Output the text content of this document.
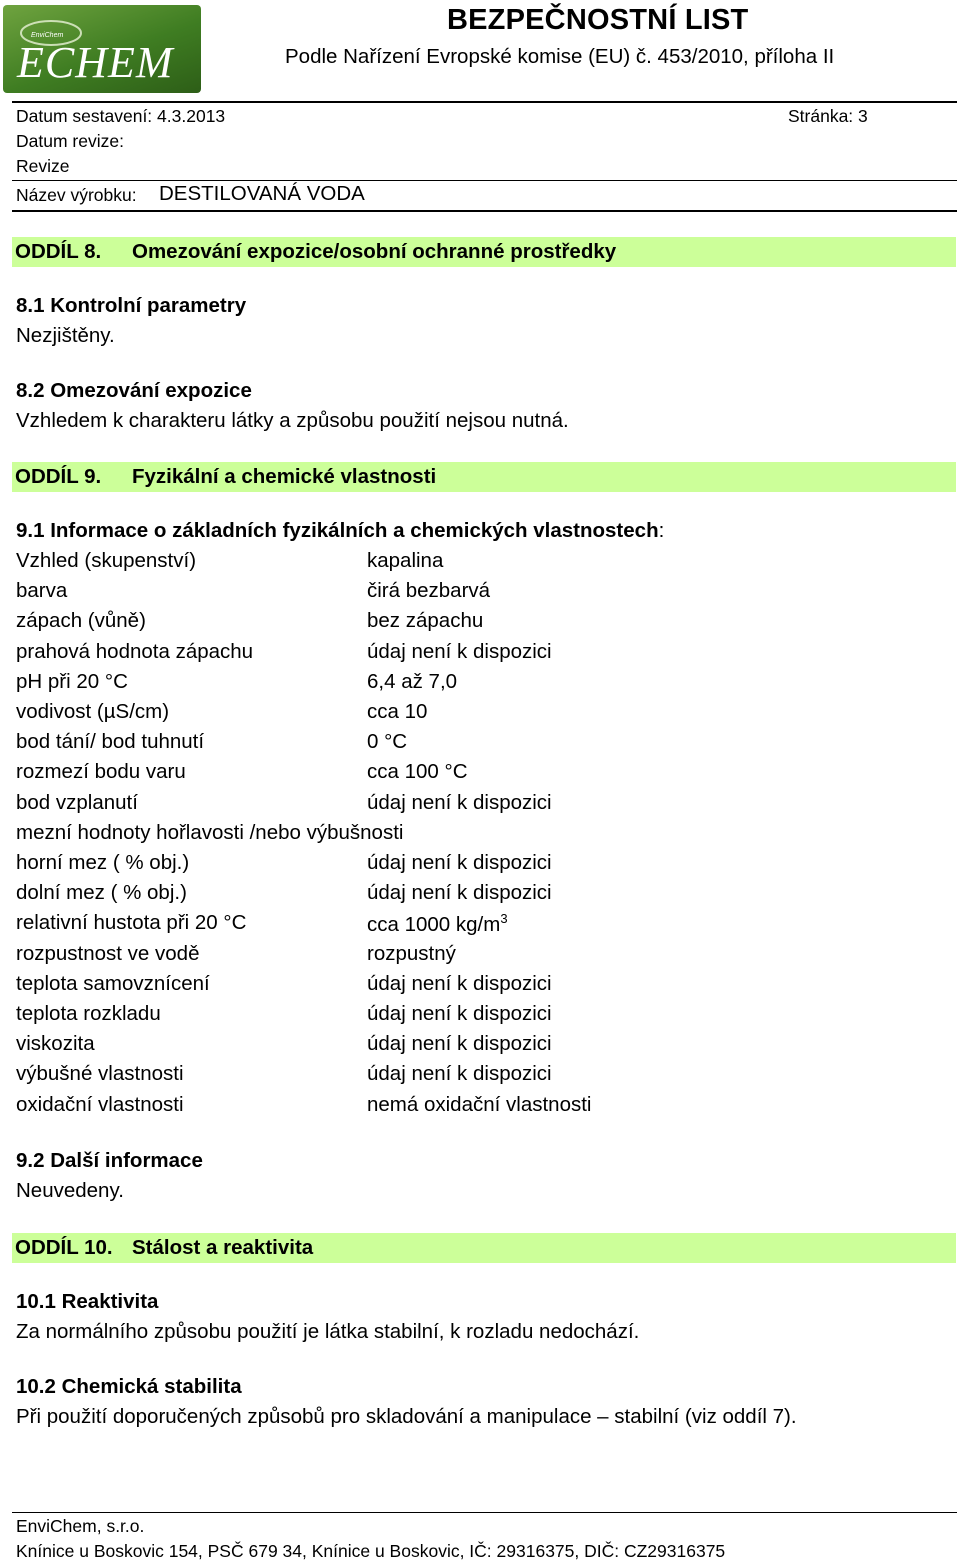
EnviChem
ECHEM
BEZPEČNOSTNÍ LIST
Podle Nařízení Evropské komise (EU) č. 453/2010, příloha II
Datum sestavení: 4.3.2013	Stránka: 3
Datum revize:
Revize
Název výrobku: DESTILOVANÁ VODA
ODDÍL 8. Omezování expozice/osobní ochranné prostředky
8.1 Kontrolní parametry
Nezjištěny.
8.2 Omezování expozice
Vzhledem k charakteru látky a způsobu použití nejsou nutná.
ODDÍL 9. Fyzikální a chemické vlastnosti
9.1 Informace o základních fyzikálních a chemických vlastnostech:
Vzhled (skupenství)	kapalina
barva	čirá bezbarvá
zápach (vůně)	bez zápachu
prahová hodnota zápachu	údaj není k dispozici
pH při 20 °C	6,4 až 7,0
vodivost (µS/cm)	cca 10
bod tání/ bod tuhnutí	0 °C
rozmezí bodu varu	cca 100 °C
bod vzplanutí	údaj není k dispozici
mezní hodnoty hořlavosti /nebo výbušnosti
horní mez ( % obj.)	údaj není k dispozici
dolní mez ( % obj.)	údaj není k dispozici
relativní hustota při 20 °C	cca 1000 $kg/m^3$
rozpustnost ve vodě	rozpustný
teplota samovznícení	údaj není k dispozici
teplota rozkladu	údaj není k dispozici
viskozita	údaj není k dispozici
výbušné vlastnosti	údaj není k dispozici
oxidační vlastnosti	nemá oxidační vlastnosti
9.2 Další informace
Neuvedeny.
ODDÍL 10. Stálost a reaktivita
10.1 Reaktivita
Za normálního způsobu použití je látka stabilní, k rozladu nedochází.
10.2 Chemická stabilita
Při použití doporučených způsobů pro skladování a manipulace – stabilní (viz oddíl 7).
EnviChem, s.r.o.
Knínice u Boskovic 154, PSČ 679 34, Knínice u Boskovic, IČ: 29316375, DIČ: CZ29316375
